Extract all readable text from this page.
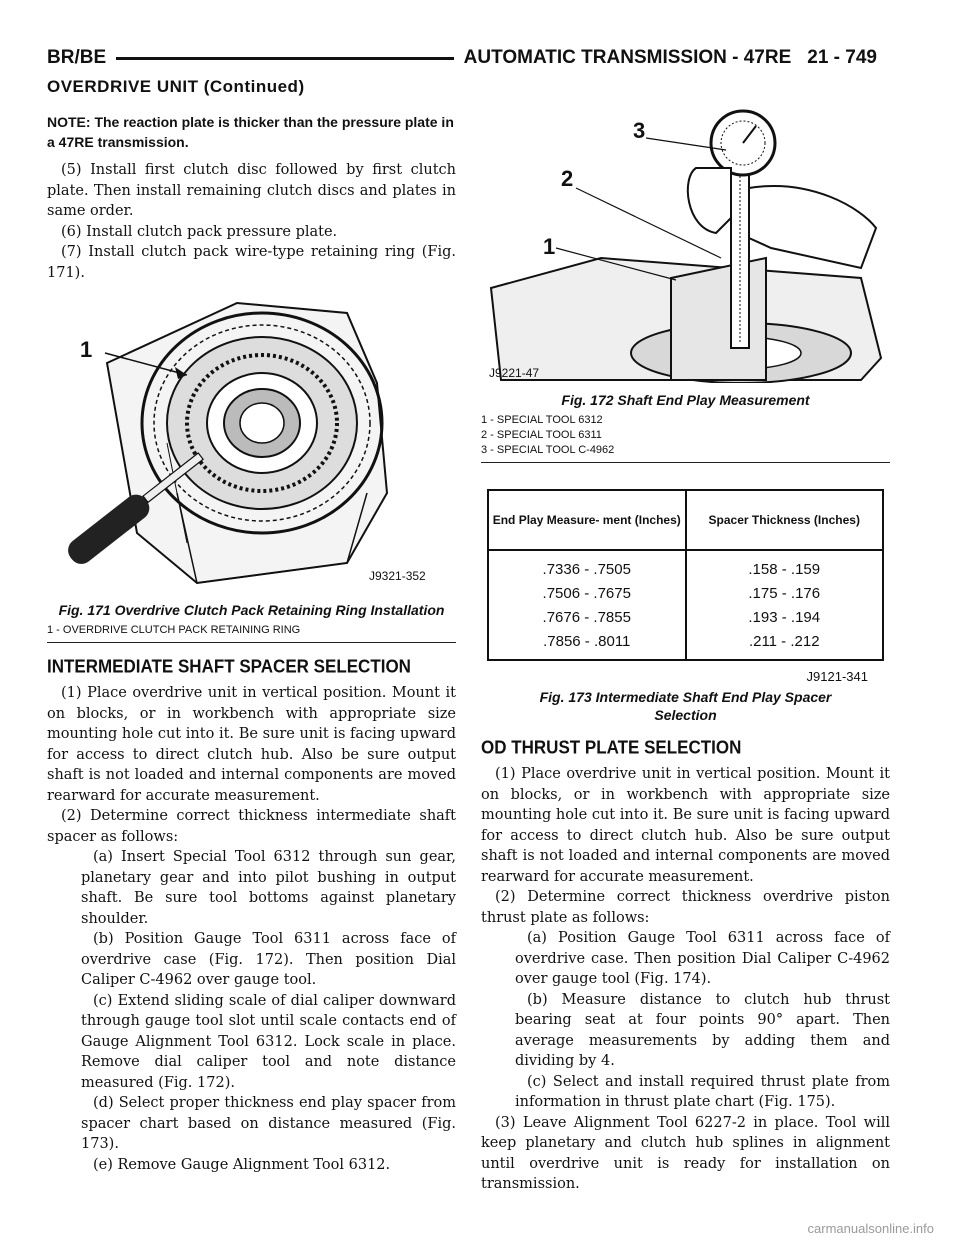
BR/BE	AUTOMATIC TRANSMISSION - 47RE 21 - 749
OVERDRIVE UNIT (Continued)
NOTE: The reaction plate is thicker than the pressure plate in a 47RE transmission.

(5) Install first clutch disc followed by first clutch plate. Then install remaining clutch discs and plates in same order.

(6) Install clutch pack pressure plate.

(7) Install clutch pack wire-type retaining ring (Fig. 171).

1
J9321-352
Fig. 171 Overdrive Clutch Pack Retaining Ring Installation
1 - OVERDRIVE CLUTCH PACK RETAINING RING
INTERMEDIATE SHAFT SPACER SELECTION

(1) Place overdrive unit in vertical position. Mount it on blocks, or in workbench with appropriate size mounting hole cut into it. Be sure unit is facing upward for access to direct clutch hub. Also be sure output shaft is not loaded and internal components are moved rearward for accurate measurement.

(2) Determine correct thickness intermediate shaft spacer as follows:

(a) Insert Special Tool 6312 through sun gear, planetary gear and into pilot bushing in output shaft. Be sure tool bottoms against planetary shoulder.

(b) Position Gauge Tool 6311 across face of overdrive case (Fig. 172). Then position Dial Caliper C-4962 over gauge tool.

(c) Extend sliding scale of dial caliper downward through gauge tool slot until scale contacts end of Gauge Alignment Tool 6312. Lock scale in place. Remove dial caliper tool and note distance measured (Fig. 172).

(d) Select proper thickness end play spacer from spacer chart based on distance measured (Fig. 173).

(e) Remove Gauge Alignment Tool 6312.

3
2
1
J9221-47
Fig. 172 Shaft End Play Measurement
1 - SPECIAL TOOL 6312
2 - SPECIAL TOOL 6311
3 - SPECIAL TOOL C-4962
End Play Measure- ment (Inches)	Spacer Thickness (Inches)
.7336 - .7505	.158 - .159
.7506 - .7675	.175 - .176
.7676 - .7855	.193 - .194
.7856 - .8011	.211 - .212
J9121-341
Fig. 173 Intermediate Shaft End Play Spacer Selection
OD THRUST PLATE SELECTION

(1) Place overdrive unit in vertical position. Mount it on blocks, or in workbench with appropriate size mounting hole cut into it. Be sure unit is facing upward for access to direct clutch hub. Also be sure output shaft is not loaded and internal components are moved rearward for accurate measurement.

(2) Determine correct thickness overdrive piston thrust plate as follows:

(a) Position Gauge Tool 6311 across face of overdrive case. Then position Dial Caliper C-4962 over gauge tool (Fig. 174).

(b) Measure distance to clutch hub thrust bearing seat at four points 90° apart. Then average measurements by adding them and dividing by 4.

(c) Select and install required thrust plate from information in thrust plate chart (Fig. 175).

(3) Leave Alignment Tool 6227-2 in place. Tool will keep planetary and clutch hub splines in alignment until overdrive unit is ready for installation on transmission.

carmanualsonline.info
